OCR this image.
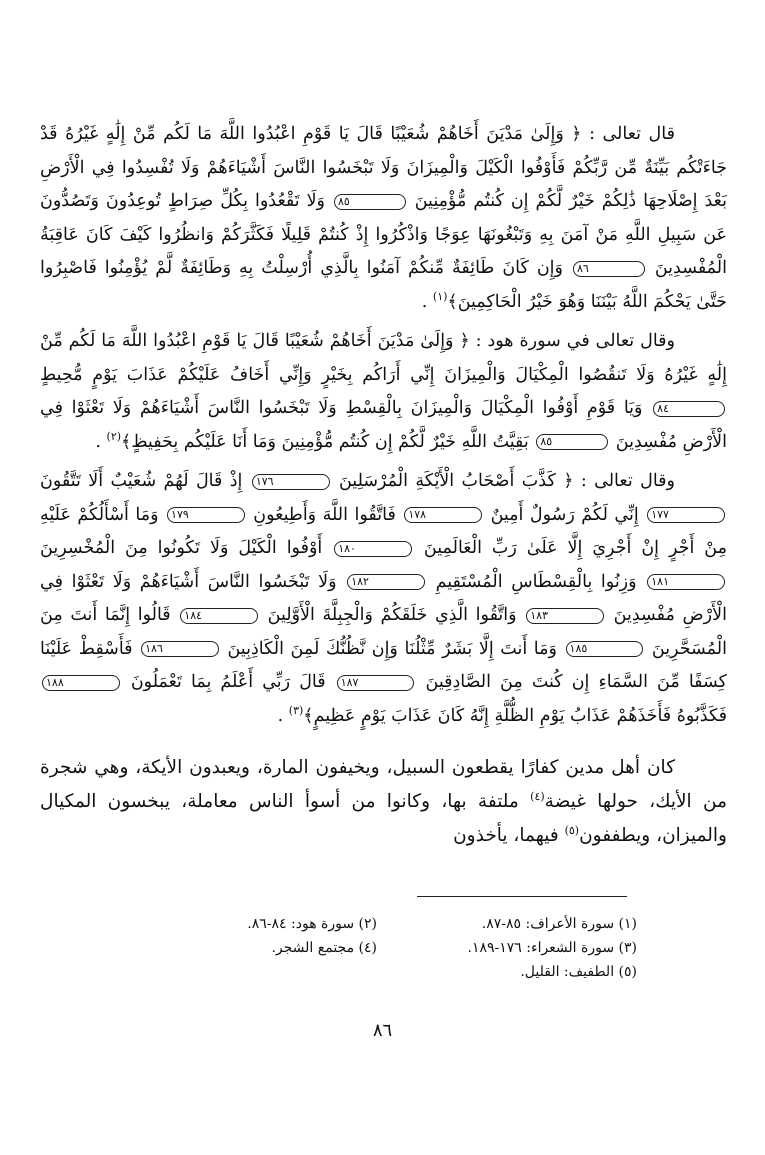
قال تعالى : ﴿ وَإِلَىٰ مَدْيَنَ أَخَاهُمْ شُعَيْبًا قَالَ يَا قَوْمِ اعْبُدُوا اللَّهَ مَا لَكُم مِّنْ إِلَٰهٍ غَيْرُهُ قَدْ جَاءَتْكُم بَيِّنَةٌ مِّن رَّبِّكُمْ فَأَوْفُوا الْكَيْلَ وَالْمِيزَانَ وَلَا تَبْخَسُوا النَّاسَ أَشْيَاءَهُمْ وَلَا تُفْسِدُوا فِي الْأَرْضِ بَعْدَ إِصْلَاحِهَا ذَٰلِكُمْ خَيْرٌ لَّكُمْ إِن كُنتُم مُّؤْمِنِينَ ٨٥ وَلَا تَقْعُدُوا بِكُلِّ صِرَاطٍ تُوعِدُونَ وَتَصُدُّونَ عَن سَبِيلِ اللَّهِ مَنْ آمَنَ بِهِ وَتَبْغُونَهَا عِوَجًا وَاذْكُرُوا إِذْ كُنتُمْ قَلِيلًا فَكَثَّرَكُمْ وَانظُرُوا كَيْفَ كَانَ عَاقِبَةُ الْمُفْسِدِينَ ٨٦ وَإِن كَانَ طَائِفَةٌ مِّنكُمْ آمَنُوا بِالَّذِي أُرْسِلْتُ بِهِ وَطَائِفَةٌ لَّمْ يُؤْمِنُوا فَاصْبِرُوا حَتَّىٰ يَحْكُمَ اللَّهُ بَيْنَنَا وَهُوَ خَيْرُ الْحَاكِمِينَ﴾$^{(١)}$ .

وقال تعالى في سورة هود : ﴿ وَإِلَىٰ مَدْيَنَ أَخَاهُمْ شُعَيْبًا قَالَ يَا قَوْمِ اعْبُدُوا اللَّهَ مَا لَكُم مِّنْ إِلَٰهٍ غَيْرُهُ وَلَا تَنقُصُوا الْمِكْيَالَ وَالْمِيزَانَ إِنِّي أَرَاكُم بِخَيْرٍ وَإِنِّي أَخَافُ عَلَيْكُمْ عَذَابَ يَوْمٍ مُّحِيطٍ ٨٤ وَيَا قَوْمِ أَوْفُوا الْمِكْيَالَ وَالْمِيزَانَ بِالْقِسْطِ وَلَا تَبْخَسُوا النَّاسَ أَشْيَاءَهُمْ وَلَا تَعْثَوْا فِي الْأَرْضِ مُفْسِدِينَ ٨٥ بَقِيَّتُ اللَّهِ خَيْرٌ لَّكُمْ إِن كُنتُم مُّؤْمِنِينَ وَمَا أَنَا عَلَيْكُم بِحَفِيظٍ﴾$^{(٢)}$ .

وقال تعالى : ﴿ كَذَّبَ أَصْحَابُ الْأَيْكَةِ الْمُرْسَلِينَ ١٧٦ إِذْ قَالَ لَهُمْ شُعَيْبٌ أَلَا تَتَّقُونَ ١٧٧ إِنِّي لَكُمْ رَسُولٌ أَمِينٌ ١٧٨ فَاتَّقُوا اللَّهَ وَأَطِيعُونِ ١٧٩ وَمَا أَسْأَلُكُمْ عَلَيْهِ مِنْ أَجْرٍ إِنْ أَجْرِيَ إِلَّا عَلَىٰ رَبِّ الْعَالَمِينَ ١٨٠ أَوْفُوا الْكَيْلَ وَلَا تَكُونُوا مِنَ الْمُخْسِرِينَ ١٨١ وَزِنُوا بِالْقِسْطَاسِ الْمُسْتَقِيمِ ١٨٢ وَلَا تَبْخَسُوا النَّاسَ أَشْيَاءَهُمْ وَلَا تَعْثَوْا فِي الْأَرْضِ مُفْسِدِينَ ١٨٣ وَاتَّقُوا الَّذِي خَلَقَكُمْ وَالْجِبِلَّةَ الْأَوَّلِينَ ١٨٤ قَالُوا إِنَّمَا أَنتَ مِنَ الْمُسَحَّرِينَ ١٨٥ وَمَا أَنتَ إِلَّا بَشَرٌ مِّثْلُنَا وَإِن نَّظُنُّكَ لَمِنَ الْكَاذِبِينَ ١٨٦ فَأَسْقِطْ عَلَيْنَا كِسَفًا مِّنَ السَّمَاءِ إِن كُنتَ مِنَ الصَّادِقِينَ ١٨٧ قَالَ رَبِّي أَعْلَمُ بِمَا تَعْمَلُونَ ١٨٨ فَكَذَّبُوهُ فَأَخَذَهُمْ عَذَابُ يَوْمِ الظُّلَّةِ إِنَّهُ كَانَ عَذَابَ يَوْمٍ عَظِيمٍ﴾$^{(٣)}$ .

كان أهل مدين كفارًا يقطعون السبيل، ويخيفون المارة، ويعبدون الأيكة، وهي شجرة من الأيك، حولها غيضة$^{(٤)}$ ملتفة بها، وكانوا من أسوأ الناس معاملة، يبخسون المكيال والميزان، ويطففون$^{(٥)}$ فيهما، يأخذون

(١) سورة الأعراف: ٨٥-٨٧.
(٢) سورة هود: ٨٤-٨٦.
(٣) سورة الشعراء: ١٧٦-١٨٩.
(٤) مجتمع الشجر.
(٥) الطفيف: القليل.
٨٦
